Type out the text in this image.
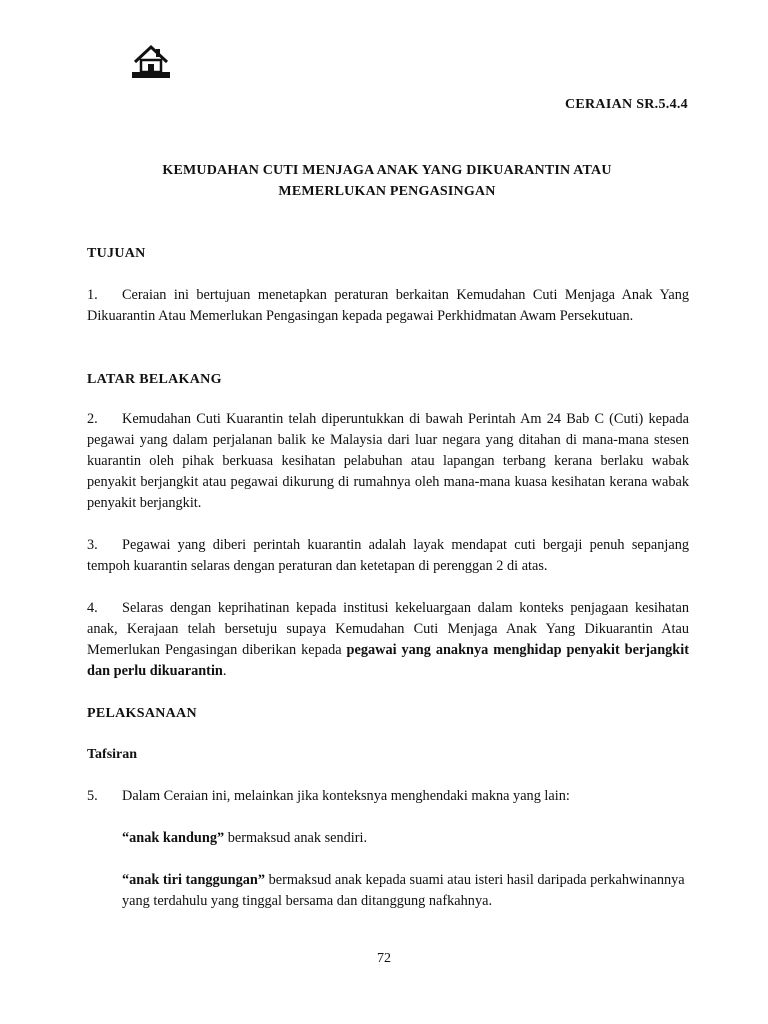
CERAIAN SR.5.4.4
KEMUDAHAN CUTI MENJAGA ANAK YANG DIKUARANTIN ATAU
MEMERLUKAN PENGASINGAN
TUJUAN
1. Ceraian ini bertujuan menetapkan peraturan berkaitan Kemudahan Cuti Menjaga Anak Yang Dikuarantin Atau Memerlukan Pengasingan kepada pegawai Perkhidmatan Awam Persekutuan.
LATAR BELAKANG
2. Kemudahan Cuti Kuarantin telah diperuntukkan di bawah Perintah Am 24 Bab C (Cuti) kepada pegawai yang dalam perjalanan balik ke Malaysia dari luar negara yang ditahan di mana-mana stesen kuarantin oleh pihak berkuasa kesihatan pelabuhan atau lapangan terbang kerana berlaku wabak penyakit berjangkit atau pegawai dikurung di rumahnya oleh mana-mana kuasa kesihatan kerana wabak penyakit berjangkit.
3. Pegawai yang diberi perintah kuarantin adalah layak mendapat cuti bergaji penuh sepanjang tempoh kuarantin selaras dengan peraturan dan ketetapan di perenggan 2 di atas.
4. Selaras dengan keprihatinan kepada institusi kekeluargaan dalam konteks penjagaan kesihatan anak, Kerajaan telah bersetuju supaya Kemudahan Cuti Menjaga Anak Yang Dikuarantin Atau Memerlukan Pengasingan diberikan kepada pegawai yang anaknya menghidap penyakit berjangkit dan perlu dikuarantin.
PELAKSANAAN
Tafsiran
5. Dalam Ceraian ini, melainkan jika konteksnya menghendaki makna yang lain:
“anak kandung” bermaksud anak sendiri.
“anak tiri tanggungan” bermaksud anak kepada suami atau isteri hasil daripada perkahwinannya yang terdahulu yang tinggal bersama dan ditanggung nafkahnya.
72
